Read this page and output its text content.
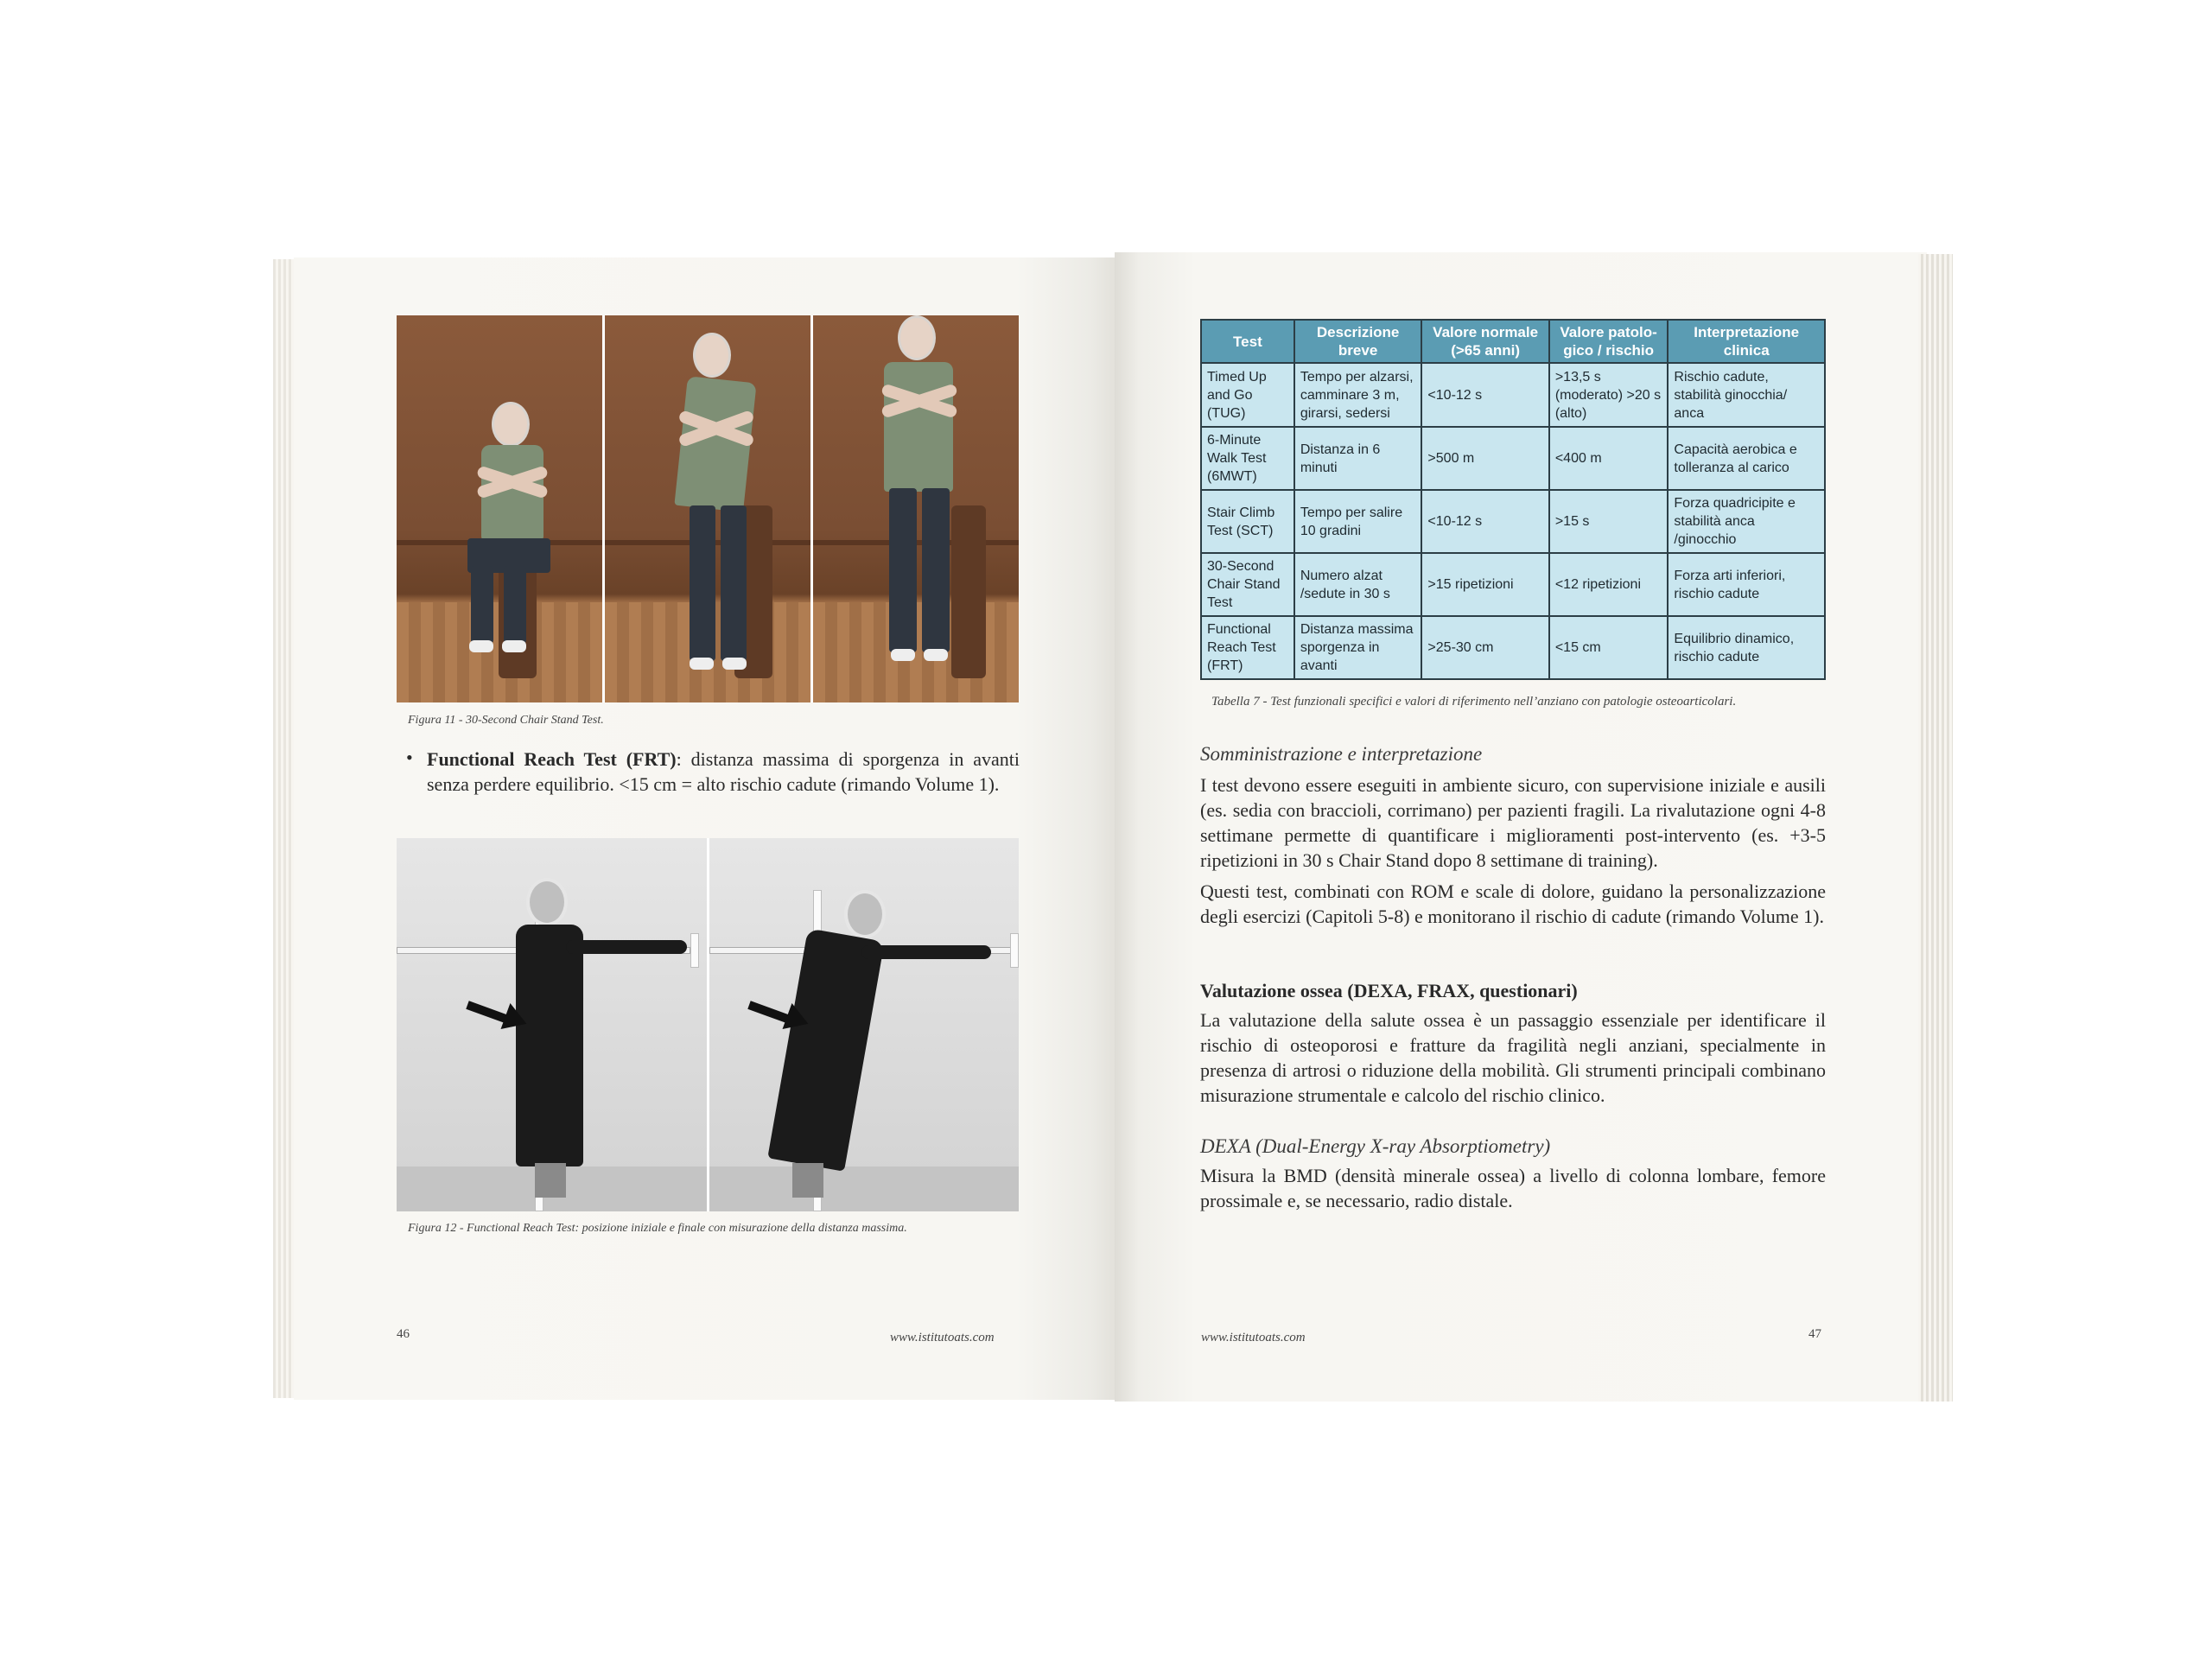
Figura 11 - 30-Second Chair Stand Test.
• Functional Reach Test (FRT): distanza massima di sporgenza in avanti senza perdere equilibrio. <15 cm = alto rischio cadute (rimando Volume 1).
Figura 12 - Functional Reach Test: posizione iniziale e finale con misurazione della distanza massima.
46	www.istitutoats.com
Test	Descrizione breve	Valore normale (>65 anni)	Valore patolo-gico / rischio	Interpretazione clinica
Timed Up and Go (TUG)	Tempo per alzarsi, camminare 3 m, girarsi, sedersi	<10-12 s	>13,5 s (moderato) >20 s (alto)	Rischio cadute, stabilità ginocchia/ anca
6-Minute Walk Test (6MWT)	Distanza in 6 minuti	>500 m	<400 m	Capacità aerobica e tolleranza al carico
Stair Climb Test (SCT)	Tempo per salire 10 gradini	<10-12 s	>15 s	Forza quadricipite e stabilità anca /ginocchio
30-Second Chair Stand Test	Numero alzat /sedute in 30 s	>15 ripetizioni	<12 ripetizioni	Forza arti inferiori, rischio cadute
Functional Reach Test (FRT)	Distanza massima sporgenza in avanti	>25-30 cm	<15 cm	Equilibrio dinamico, rischio cadute
Tabella 7 - Test funzionali specifici e valori di riferimento nell’anziano con patologie osteoarticolari.
Somministrazione e interpretazione
I test devono essere eseguiti in ambiente sicuro, con supervisione iniziale e ausili (es. sedia con braccioli, corrimano) per pazienti fragili. La rivalutazione ogni 4-8 settimane permette di quantificare i miglioramenti post-intervento (es. +3-5 ripetizioni in 30 s Chair Stand dopo 8 settimane di training).
Questi test, combinati con ROM e scale di dolore, guidano la personalizzazione degli esercizi (Capitoli 5-8) e monitorano il rischio di cadute (rimando Volume 1).
Valutazione ossea (DEXA, FRAX, questionari)
La valutazione della salute ossea è un passaggio essenziale per identificare il rischio di osteoporosi e fratture da fragilità negli anziani, specialmente in presenza di artrosi o riduzione della mobilità. Gli strumenti principali combinano misurazione strumentale e calcolo del rischio clinico.
DEXA (Dual-Energy X-ray Absorptiometry)
Misura la BMD (densità minerale ossea) a livello di colonna lombare, femore prossimale e, se necessario, radio distale.
www.istitutoats.com	47
